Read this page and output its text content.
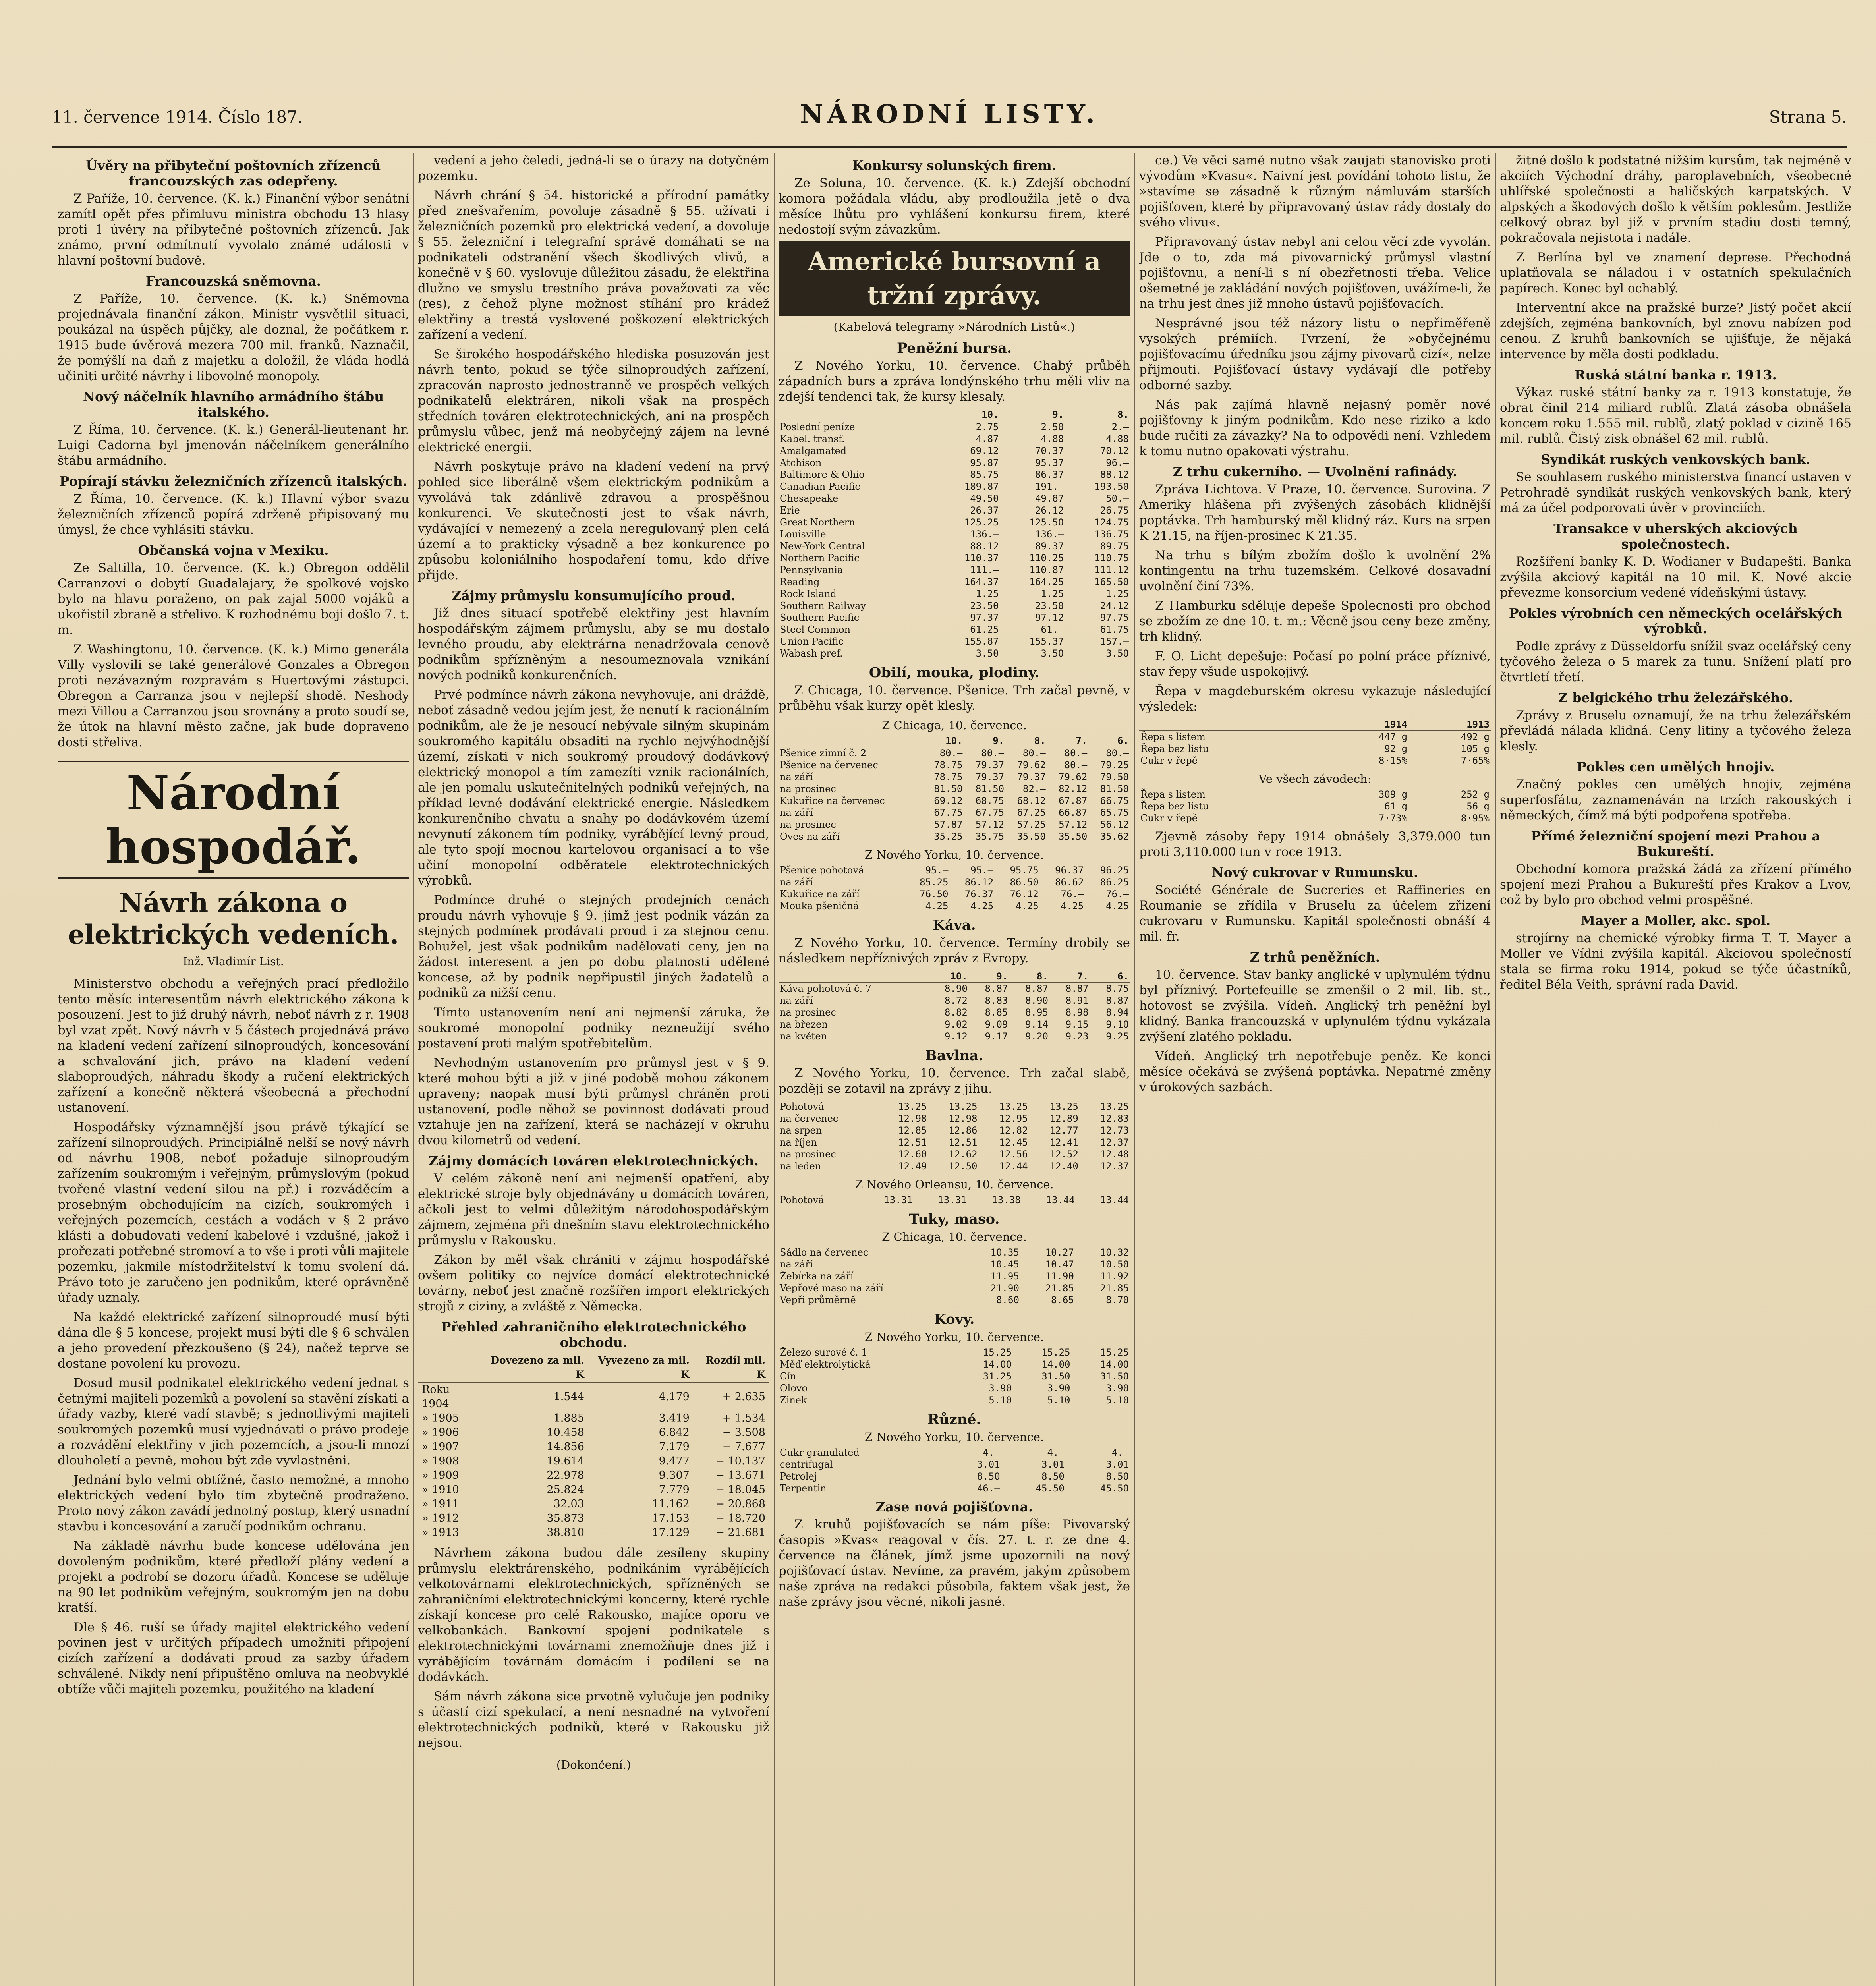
11. července 1914. Číslo 187.	NÁRODNÍ LISTY.	Strana 5.
Úvěry na přibyteční poštovních zřízenců francouzských zas odepřeny.

Z Paříže, 10. července. (K. k.) Finanční výbor senátní zamítl opět přes přimluvu ministra obchodu 13 hlasy proti 1 úvěry na přibytečné poštovních zřízenců. Jak známo, první odmítnutí vyvolalo známé události v hlavní poštovní budově.

Francouzská sněmovna.

Z Paříže, 10. července. (K. k.) Sněmovna projednávala finanční zákon. Ministr vysvětlil situaci, poukázal na úspěch půjčky, ale doznal, že počátkem r. 1915 bude úvěrová mezera 700 mil. franků. Naznačil, že pomýšlí na daň z majetku a doložil, že vláda hodlá učiniti určité návrhy i libovolné monopoly.

Nový náčelník hlavního armádního štábu italského.

Z Říma, 10. července. (K. k.) Generál-lieutenant hr. Luigi Cadorna byl jmenován náčelníkem generálního štábu armádního.

Popírají stávku železničních zřízenců italských.

Z Říma, 10. července. (K. k.) Hlavní výbor svazu železničních zřízenců popírá zdrženě připisovaný mu úmysl, že chce vyhlásiti stávku.

Občanská vojna v Mexiku.

Ze Saltilla, 10. července. (K. k.) Obregon oddělil Carranzovi o dobytí Guadalajary, že spolkové vojsko bylo na hlavu poraženo, on pak zajal 5000 vojáků a ukořistil zbraně a střelivo. K rozhodnému boji došlo 7. t. m.

Z Washingtonu, 10. července. (K. k.) Mimo generála Villy vyslovili se také generálové Gonzales a Obregon proti nezávazným rozpravám s Huertovými zástupci. Obregon a Carranza jsou v nejlepší shodě. Neshody mezi Villou a Carranzou jsou srovnány a proto soudí se, že útok na hlavní město začne, jak bude dopraveno dosti střeliva.

Národní hospodář.
Návrh zákona o elektrických vedeních.
Inž. Vladimír List.

Ministerstvo obchodu a veřejných prací předložilo tento měsíc interesentům návrh elektrického zákona k posouzení. Jest to již druhý návrh, neboť návrh z r. 1908 byl vzat zpět. Nový návrh v 5 částech projednává právo na kladení vedení zařízení silnoproudých, koncesování a schvalování jich, právo na kladení vedení slaboproudých, náhradu škody a ručení elektrických zařízení a konečně některá všeobecná a přechodní ustanovení.

Hospodářsky významnější jsou právě týkající se zařízení silnoproudých. Principiálně nelší se nový návrh od návrhu 1908, neboť požaduje silnoproudým zařízením soukromým i veřejným, průmyslovým (pokud tvořené vlastní vedení silou na př.) i rozváděcím a prosebným obchodujícím na cizích, soukromých i veřejných pozemcích, cestách a vodách v § 2 právo klásti a dobudovati vedení kabelové i vzdušné, jakož i prořezati potřebné stromoví a to vše i proti vůli majitele pozemku, jakmile místodržitelství k tomu svolení dá. Právo toto je zaručeno jen podnikům, které oprávněně úřady uznaly.

Na každé elektrické zařízení silnoproudé musí býti dána dle § 5 koncese, projekt musí býti dle § 6 schválen a jeho provedení přezkoušeno (§ 24), načež teprve se dostane povolení ku provozu.

Dosud musil podnikatel elektrického vedení jednat s četnými majiteli pozemků a povolení sa stavění získati a úřady vazby, které vadí stavbě; s jednotlivými majiteli soukromých pozemků musí vyjednávati o právo prodeje a rozvádění elektřiny v jich pozemcích, a jsou-li mnozí dlouholetí a pevně, mohou být zde vyvlastněni.

Jednání bylo velmi obtížné, často nemožné, a mnoho elektrických vedení bylo tím zbytečně prodraženo. Proto nový zákon zavádí jednotný postup, který usnadní stavbu i koncesování a zaručí podnikům ochranu.

Na základě návrhu bude koncese udělována jen dovoleným podnikům, které předloží plány vedení a projekt a podrobí se dozoru úřadů. Koncese se uděluje na 90 let podnikům veřejným, soukromým jen na dobu kratší.

Dle § 46. ruší se úřady majitel elektrického vedení povinen jest v určitých případech umožniti připojení cizích zařízení a dodávati proud za sazby úřadem schválené. Nikdy není připuštěno omluva na neobvyklé obtíže vůči majiteli pozemku, použitého na kladení

vedení a jeho čeledi, jedná-li se o úrazy na dotyčném pozemku.

Návrh chrání § 54. historické a přírodní památky před znešvařením, povoluje zásadně § 55. užívati i železničních pozemků pro elektrická vedení, a dovoluje § 55. železniční i telegrafní správě domáhati se na podnikateli odstranění všech škodlivých vlivů, a konečně v § 60. vyslovuje důležitou zásadu, že elektřina dlužno ve smyslu trestního práva považovati za věc (res), z čehož plyne možnost stíhání pro krádež elektřiny a trestá vyslovené poškození elektrických zařízení a vedení.

Se širokého hospodářského hlediska posuzován jest návrh tento, pokud se týče silnoproudých zařízení, zpracován naprosto jednostranně ve prospěch velkých podnikatelů elektráren, nikoli však na prospěch středních továren elektrotechnických, ani na prospěch průmyslu vůbec, jenž má neobyčejný zájem na levné elektrické energii.

Návrh poskytuje právo na kladení vedení na prvý pohled sice liberálně všem elektrickým podnikům a vyvolává tak zdánlivě zdravou a prospěšnou konkurenci. Ve skutečnosti jest to však návrh, vydávající v nemezený a zcela neregulovaný plen celá území a to prakticky výsadně a bez konkurence po způsobu koloniálního hospodaření tomu, kdo dříve přijde.

Zájmy průmyslu konsumujícího proud.

Již dnes situací spotřebě elektřiny jest hlavním hospodářským zájmem průmyslu, aby se mu dostalo levného proudu, aby elektrárna nenadržovala cenově podnikům spřízněným a nesoumeznovala vznikání nových podniků konkurenčních.

Prvé podmínce návrh zákona nevyhovuje, ani dráždě, neboť zásadně vedou jejím jest, že nenutí k racionálním podnikům, ale že je nesoucí nebývale silným skupinám soukromého kapitálu obsaditi na rychlo nejvýhodnější území, získati v nich soukromý proudový dodávkový elektrický monopol a tím zamezíti vznik racionálních, ale jen pomalu uskutečnitelných podniků veřejných, na příklad levné dodávání elektrické energie. Následkem konkurenčního chvatu a snahy po dodávkovém území nevynutí zákonem tím podniky, vyrábějící levný proud, ale tyto spojí mocnou kartelovou organisací a to vše učiní monopolní odběratele elektrotechnických výrobků.

Podmínce druhé o stejných prodejních cenách proudu návrh vyhovuje § 9. jimž jest podnik vázán za stejných podmínek prodávati proud i za stejnou cenu. Bohužel, jest však podnikům nadělovati ceny, jen na žádost interesent a jen po dobu platnosti udělené koncese, až by podnik nepřipustil jiných žadatelů a podniků za nižší cenu.

Tímto ustanovením není ani nejmenší záruka, že soukromé monopolní podniky nezneužijí svého postavení proti malým spotřebitelům.

Nevhodným ustanovením pro průmysl jest v § 9. které mohou býti a již v jiné podobě mohou zákonem upraveny; naopak musí býti průmysl chráněn proti ustanovení, podle něhož se povinnost dodávati proud vztahuje jen na zařízení, která se nacházejí v okruhu dvou kilometrů od vedení.

Zájmy domácích továren elektrotechnických.

V celém zákoně není ani nejmenší opatření, aby elektrické stroje byly objednávány u domácích továren, ačkoli jest to velmi důležitým národohospodářským zájmem, zejména při dnešním stavu elektrotechnického průmyslu v Rakousku.

Zákon by měl však chrániti v zájmu hospodářské ovšem politiky co nejvíce domácí elektrotechnické továrny, neboť jest značně rozšířen import elektrických strojů z ciziny, a zvláště z Německa.

Přehled zahraničního elektrotechnického obchodu.
	Dovezeno za mil. K	Vyvezeno za mil. K	Rozdíl mil. K
Roku 1904	1.544	4.179	+ 2.635
» 1905	1.885	3.419	+ 1.534
» 1906	10.458	6.842	− 3.508
» 1907	14.856	7.179	− 7.677
» 1908	19.614	9.477	− 10.137
» 1909	22.978	9.307	− 13.671
» 1910	25.824	7.779	− 18.045
» 1911	32.03	11.162	− 20.868
» 1912	35.873	17.153	− 18.720
» 1913	38.810	17.129	− 21.681

Návrhem zákona budou dále zesíleny skupiny průmyslu elektrárenského, podnikáním vyrábějících velkotovárnami elektrotechnických, spřízněných se zahraničními elektrotechnickými koncerny, které rychle získají koncese pro celé Rakousko, majíce oporu ve velkobankách. Bankovní spojení podnikatele s elektrotechnickými továrnami znemožňuje dnes již i vyrábějícím továrnám domácím i podílení se na dodávkách.

Sám návrh zákona sice prvotně vylučuje jen podniky s účastí cizí spekulací, a není nesnadné na vytvoření elektrotechnických podniků, které v Rakousku již nejsou.

(Dokončení.)
Konkursy solunských firem.

Ze Soluna, 10. července. (K. k.) Zdejší obchodní komora požádala vládu, aby prodloužila jetě o dva měsíce lhůtu pro vyhlášení konkursu firem, které nedostojí svým závazkům.

Americké bursovní a tržní zprávy.
(Kabelová telegramy »Národních Listů«.)
Peněžní bursa.

Z Nového Yorku, 10. července. Chabý průběh západních burs a zpráva londýnského trhu měli vliv na zdejší tendenci tak, že kursy klesaly.

	10.	9.	8.
Poslední peníze	2.75	2.50	2.—
Kabel. transf.	4.87	4.88	4.88
Amalgamated	69.12	70.37	70.12
Atchison	95.87	95.37	96.—
Baltimore & Ohio	85.75	86.37	88.12
Canadian Pacific	189.87	191.—	193.50
Chesapeake	49.50	49.87	50.—
Erie	26.37	26.12	26.75
Great Northern	125.25	125.50	124.75
Louisville	136.—	136.—	136.75
New-York Central	88.12	89.37	89.75
Northern Pacific	110.37	110.25	110.75
Pennsylvania	111.—	110.87	111.12
Reading	164.37	164.25	165.50
Rock Island	1.25	1.25	1.25
Southern Railway	23.50	23.50	24.12
Southern Pacific	97.37	97.12	97.75
Steel Common	61.25	61.—	61.75
Union Pacific	155.87	155.37	157.—
Wabash pref.	3.50	3.50	3.50
Obilí, mouka, plodiny.

Z Chicaga, 10. července. Pšenice. Trh začal pevně, v průběhu však kurzy opět klesly.

Z Chicaga, 10. července.
	10.	9.	8.	7.	6.
Pšenice zimní č. 2	80.—	80.—	80.—	80.—	80.—
Pšenice na červenec	78.75	79.37	79.62	80.—	79.25
na září	78.75	79.37	79.37	79.62	79.50
na prosinec	81.50	81.50	82.—	82.12	81.50
Kukuřice na červenec	69.12	68.75	68.12	67.87	66.75
na září	67.75	67.75	67.25	66.87	65.75
na prosinec	57.87	57.12	57.25	57.12	56.12
Oves na září	35.25	35.75	35.50	35.50	35.62
Z Nového Yorku, 10. července.
Pšenice pohotová	95.—	95.—	95.75	96.37	96.25
na září	85.25	86.12	86.50	86.62	86.25
Kukuřice na září	76.50	76.37	76.12	76.—	76.—
Mouka pšeničná	4.25	4.25	4.25	4.25	4.25
Káva.

Z Nového Yorku, 10. července. Termíny drobily se následkem nepříznivých zpráv z Evropy.

	10.	9.	8.	7.	6.
Káva pohotová č. 7	8.90	8.87	8.87	8.87	8.75
na září	8.72	8.83	8.90	8.91	8.87
na prosinec	8.82	8.85	8.95	8.98	8.94
na březen	9.02	9.09	9.14	9.15	9.10
na květen	9.12	9.17	9.20	9.23	9.25
Bavlna.

Z Nového Yorku, 10. července. Trh začal slabě, později se zotavil na zprávy z jihu.

Pohotová	13.25	13.25	13.25	13.25	13.25
na červenec	12.98	12.98	12.95	12.89	12.83
na srpen	12.85	12.86	12.82	12.77	12.73
na říjen	12.51	12.51	12.45	12.41	12.37
na prosinec	12.60	12.62	12.56	12.52	12.48
na leden	12.49	12.50	12.44	12.40	12.37
Z Nového Orleansu, 10. července.
Pohotová	13.31	13.31	13.38	13.44	13.44
Tuky, maso.
Z Chicaga, 10. července.
Sádlo na červenec	10.35	10.27	10.32
na září	10.45	10.47	10.50
Žebírka na září	11.95	11.90	11.92
Vepřové maso na září	21.90	21.85	21.85
Vepři průměrně	8.60	8.65	8.70
Kovy.
Z Nového Yorku, 10. července.
Železo surové č. 1	15.25	15.25	15.25
Měď elektrolytická	14.00	14.00	14.00
Cín	31.25	31.50	31.50
Olovo	3.90	3.90	3.90
Zinek	5.10	5.10	5.10
Různé.
Z Nového Yorku, 10. července.
Cukr granulated	4.—	4.—	4.—
centrifugal	3.01	3.01	3.01
Petrolej	8.50	8.50	8.50
Terpentin	46.—	45.50	45.50
Zase nová pojišťovna.

Z kruhů pojišťovacích se nám píše: Pivovarský časopis »Kvas« reagoval v čís. 27. t. r. ze dne 4. července na článek, jímž jsme upozornili na nový pojišťovací ústav. Nevíme, za pravém, jakým způsobem naše zpráva na redakci působila, faktem však jest, že naše zprávy jsou věcné, nikoli jasné.

ce.) Ve věci samé nutno však zaujati stanovisko proti vývodům »Kvasu«. Naivní jest povídání tohoto listu, že »stavíme se zásadně k různým námluvám starších pojišťoven, které by připravovaný ústav rády dostaly do svého vlivu«.

Připravovaný ústav nebyl ani celou věcí zde vyvolán. Jde o to, zda má pivovarnický průmysl vlastní pojišťovnu, a není-li s ní obezřetnosti třeba. Velice ošemetné je zakládání nových pojišťoven, uvážíme-li, že na trhu jest dnes již mnoho ústavů pojišťovacích.

Nesprávné jsou též názory listu o nepřiměřeně vysokých prémiích. Tvrzení, že »obyčejnému pojišťovacímu úředníku jsou zájmy pivovarů cizí«, nelze přijmouti. Pojišťovací ústavy vydávají dle potřeby odborné sazby.

Nás pak zajímá hlavně nejasný poměr nové pojišťovny k jiným podnikům. Kdo nese riziko a kdo bude ručiti za závazky? Na to odpovědi není. Vzhledem k tomu nutno opakovati výstrahu.

Z trhu cukerního. — Uvolnění rafinády.

Zpráva Lichtova. V Praze, 10. července. Surovina. Z Ameriky hlášena při zvýšených zásobách klidnější poptávka. Trh hamburský měl klidný ráz. Kurs na srpen K 21.15, na říjen-prosinec K 21.35.

Na trhu s bílým zbožím došlo k uvolnění 2% kontingentu na trhu tuzemském. Celkové dosavadní uvolnění činí 73%.

Z Hamburku sděluje depeše Spolecnosti pro obchod se zbožím ze dne 10. t. m.: Věcně jsou ceny beze změny, trh klidný.

F. O. Licht depešuje: Počasí po polní práce příznivé, stav řepy všude uspokojivý.

Řepa v magdeburském okresu vykazuje následující výsledek:

	1914	1913
Řepa s listem	447 g	492 g
Řepa bez listu	92 g	105 g
Cukr v řepě	8·15%	7·65%
Ve všech závodech:
Řepa s listem	309 g	252 g
Řepa bez listu	61 g	56 g
Cukr v řepě	7·73%	8·95%

Zjevně zásoby řepy 1914 obnášely 3,379.000 tun proti 3,110.000 tun v roce 1913.

Nový cukrovar v Rumunsku.

Société Générale de Sucreries et Raffineries en Roumanie se zřídila v Bruselu za účelem zřízení cukrovaru v Rumunsku. Kapitál společnosti obnáší 4 mil. fr.

Z trhů peněžních.

10. července. Stav banky anglické v uplynulém týdnu byl příznivý. Portefeuille se zmenšil o 2 mil. lib. st., hotovost se zvýšila. Vídeň. Anglický trh peněžní byl klidný. Banka francouzská v uplynulém týdnu vykázala zvýšení zlatého pokladu.

Vídeň. Anglický trh nepotřebuje peněz. Ke konci měsíce očekává se zvýšená poptávka. Nepatrné změny v úrokových sazbách.

žitné došlo k podstatné nižším kursům, tak nejméně v akciích Východní dráhy, paroplavebních, všeobecné uhlířské společnosti a haličských karpatských. V alpských a škodových došlo k větším poklesům. Jestliže celkový obraz byl již v prvním stadiu dosti temný, pokračovala nejistota i nadále.

Z Berlína byl ve znamení deprese. Přechodná uplatňovala se náladou i v ostatních spekulačních papírech. Konec byl ochablý.

Interventní akce na pražské burze? Jistý počet akcií zdejších, zejména bankovních, byl znovu nabízen pod cenou. Z kruhů bankovních se ujišťuje, že nějaká intervence by měla dosti podkladu.

Ruská státní banka r. 1913.

Výkaz ruské státní banky za r. 1913 konstatuje, že obrat činil 214 miliard rublů. Zlatá zásoba obnášela koncem roku 1.555 mil. rublů, zlatý poklad v cizině 165 mil. rublů. Čistý zisk obnášel 62 mil. rublů.

Syndikát ruských venkovských bank.

Se souhlasem ruského ministerstva financí ustaven v Petrohradě syndikát ruských venkovských bank, který má za účel podporovati úvěr v provinciích.

Transakce v uherských akciových společnostech.

Rozšíření banky K. D. Wodianer v Budapešti. Banka zvýšila akciový kapitál na 10 mil. K. Nové akcie převezme konsorcium vedené vídeňskými ústavy.

Pokles výrobních cen německých ocelářských výrobků.

Podle zprávy z Düsseldorfu snížil svaz ocelářský ceny tyčového železa o 5 marek za tunu. Snížení platí pro čtvrtletí třetí.

Z belgického trhu železářského.

Zprávy z Bruselu oznamují, že na trhu železářském převládá nálada klidná. Ceny litiny a tyčového železa klesly.

Pokles cen umělých hnojiv.

Značný pokles cen umělých hnojiv, zejména superfosfátu, zaznamenáván na trzích rakouských i německých, čímž má býti podpořena spotřeba.

Přímé železniční spojení mezi Prahou a Bukureští.

Obchodní komora pražská žádá za zřízení přímého spojení mezi Prahou a Bukureští přes Krakov a Lvov, což by bylo pro obchod velmi prospěšné.

Mayer a Moller, akc. spol.

strojírny na chemické výrobky firma T. T. Mayer a Moller ve Vídni zvýšila kapitál. Akciovou společností stala se firma roku 1914, pokud se týče účastníků, ředitel Béla Veith, správní rada David.
